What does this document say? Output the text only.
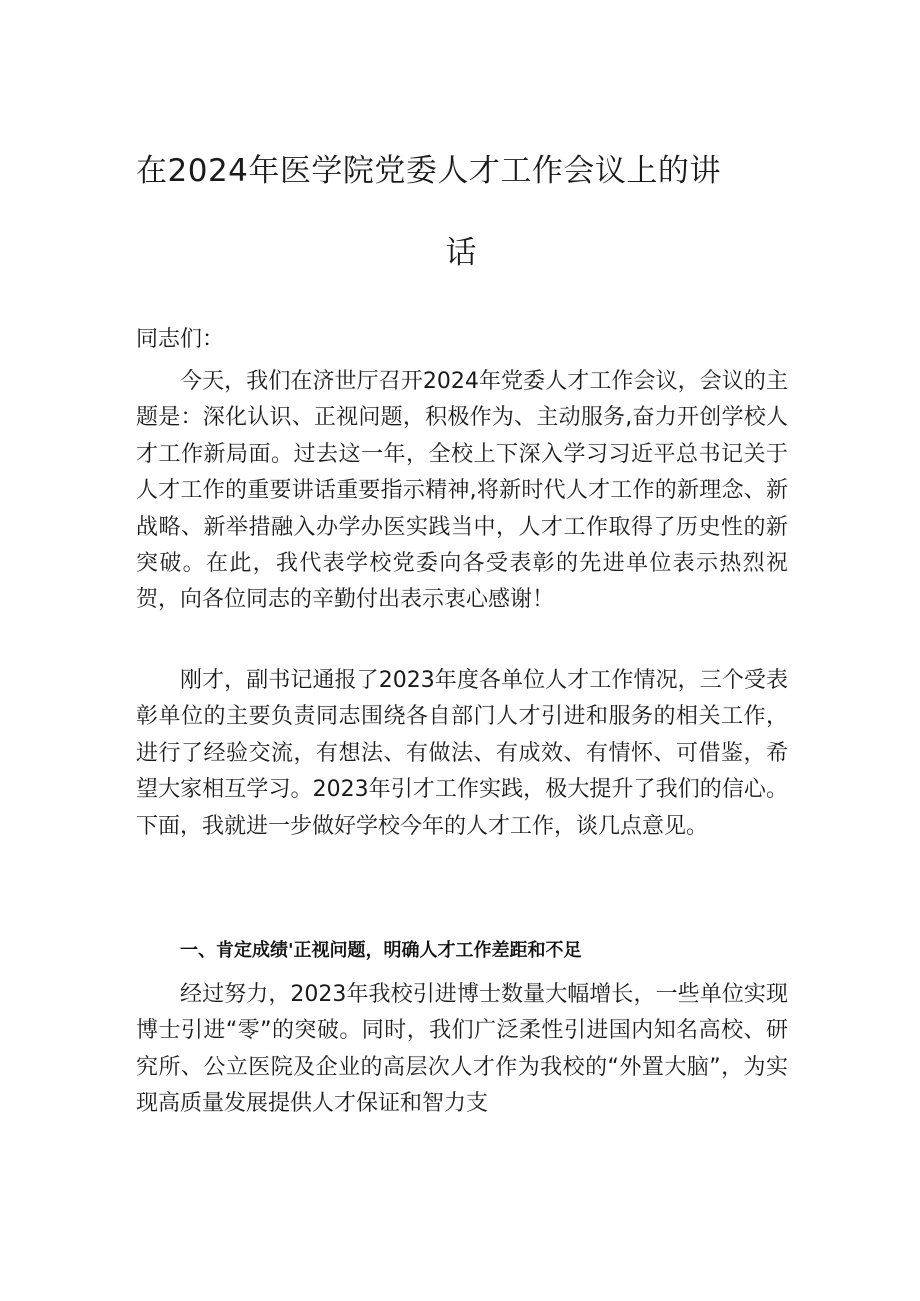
在2024年医学院党委人才工作会议上的讲
话
同志们：

今天，我们在济世厅召开2024年党委人才工作会议，会议的主题是：深化认识、正视问题，积极作为、主动服务,奋力开创学校人才工作新局面。过去这一年，全校上下深入学习习近平总书记关于人才工作的重要讲话重要指示精神,将新时代人才工作的新理念、新战略、新举措融入办学办医实践当中，人才工作取得了历史性的新突破。在此，我代表学校党委向各受表彰的先进单位表示热烈祝贺，向各位同志的辛勤付出表示衷心感谢！

刚才，副书记通报了2023年度各单位人才工作情况，三个受表彰单位的主要负责同志围绕各自部门人才引进和服务的相关工作，进行了经验交流，有想法、有做法、有成效、有情怀、可借鉴，希望大家相互学习。2023年引才工作实践，极大提升了我们的信心。下面，我就进一步做好学校今年的人才工作，谈几点意见。

一、肯定成绩'正视问题，明确人才工作差距和不足

经过努力，2023年我校引进博士数量大幅增长，一些单位实现博士引进“零”的突破。同时，我们广泛柔性引进国内知名高校、研究所、公立医院及企业的高层次人才作为我校的“外置大脑”，为实现高质量发展提供人才保证和智力支
